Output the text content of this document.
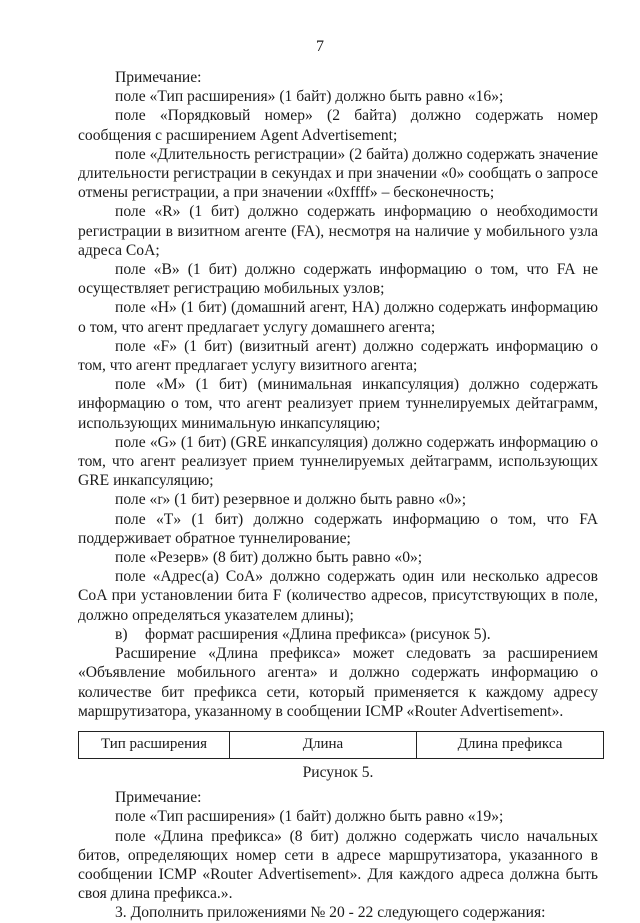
7

Примечание:

поле «Тип расширения» (1 байт) должно быть равно «16»;

поле «Порядковый номер» (2 байта) должно содержать номер сообщения с расширением Agent Advertisement;

поле «Длительность регистрации» (2 байта) должно содержать значение длительности регистрации в секундах и при значении «0» сообщать о запросе отмены регистрации, а при значении «0xffff» – бесконечность;

поле «R» (1 бит) должно содержать информацию о необходимости регистрации в визитном агенте (FA), несмотря на наличие у мобильного узла адреса CoA;

поле «B» (1 бит) должно содержать информацию о том, что FA не осуществляет регистрацию мобильных узлов;

поле «H» (1 бит) (домашний агент, HA) должно содержать информацию о том, что агент предлагает услугу домашнего агента;

поле «F» (1 бит) (визитный агент) должно содержать информацию о том, что агент предлагает услугу визитного агента;

поле «M» (1 бит) (минимальная инкапсуляция) должно содержать информацию о том, что агент реализует прием туннелируемых дейтаграмм, использующих минимальную инкапсуляцию;

поле «G» (1 бит) (GRE инкапсуляция) должно содержать информацию о том, что агент реализует прием туннелируемых дейтаграмм, использующих GRE инкапсуляцию;

поле «r» (1 бит) резервное и должно быть равно «0»;

поле «T» (1 бит) должно содержать информацию о том, что FA поддерживает обратное туннелирование;

поле «Резерв» (8 бит) должно быть равно «0»;

поле «Адрес(а) CoA» должно содержать один или несколько адресов CoA при установлении бита F (количество адресов, присутствующих в поле, должно определяться указателем длины);

в) формат расширения «Длина префикса» (рисунок 5).

Расширение «Длина префикса» может следовать за расширением «Объявление мобильного агента» и должно содержать информацию о количестве бит префикса сети, который применяется к каждому адресу маршрутизатора, указанному в сообщении ICMP «Router Advertisement».

Тип расширения	Длина	Длина префикса
Рисунок 5.

Примечание:

поле «Тип расширения» (1 байт) должно быть равно «19»;

поле «Длина префикса» (8 бит) должно содержать число начальных битов, определяющих номер сети в адресе маршрутизатора, указанного в сообщении ICMP «Router Advertisement». Для каждого адреса должна быть своя длина префикса.».

3. Дополнить приложениями № 20 - 22 следующего содержания:
